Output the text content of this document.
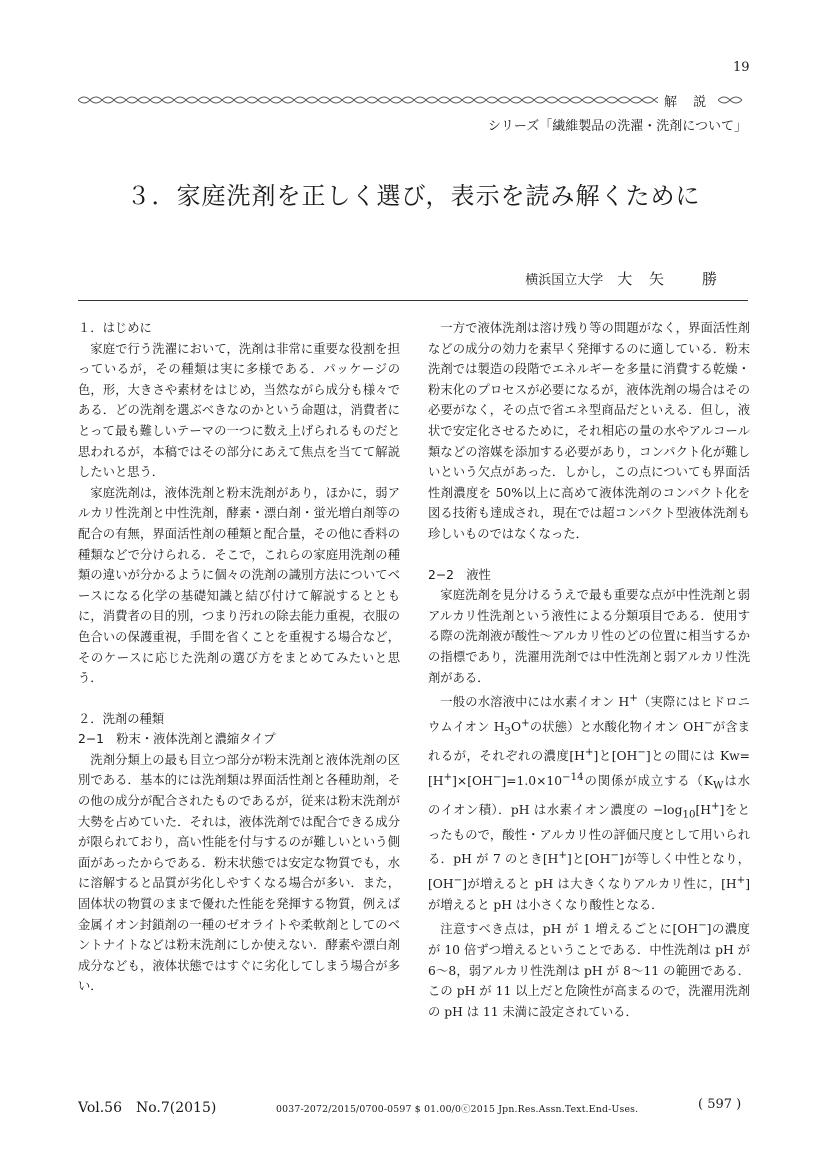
19
解 説
シリーズ「繊維製品の洗濯・洗剤について」
３．家庭洗剤を正しく選び，表示を読み解くために
横浜国立大学 大 矢 勝
１．はじめに

家庭で行う洗濯において，洗剤は非常に重要な役割を担っているが，その種類は実に多様である．パッケージの色，形，大きさや素材をはじめ，当然ながら成分も様々である．どの洗剤を選ぶべきなのかという命題は，消費者にとって最も難しいテーマの一つに数え上げられるものだと思われるが，本稿ではその部分にあえて焦点を当てて解説したいと思う．

家庭洗剤は，液体洗剤と粉末洗剤があり，ほかに，弱アルカリ性洗剤と中性洗剤，酵素・漂白剤・蛍光増白剤等の配合の有無，界面活性剤の種類と配合量，その他に香料の種類などで分けられる．そこで，これらの家庭用洗剤の種類の違いが分かるように個々の洗剤の識別方法についてベースになる化学の基礎知識と結び付けて解説するとともに，消費者の目的別，つまり汚れの除去能力重視，衣服の色合いの保護重視，手間を省くことを重視する場合など，そのケースに応じた洗剤の選び方をまとめてみたいと思う．

２．洗剤の種類
2−1　粉末・液体洗剤と濃縮タイプ

洗剤分類上の最も目立つ部分が粉末洗剤と液体洗剤の区別である．基本的には洗剤類は界面活性剤と各種助剤，その他の成分が配合されたものであるが，従来は粉末洗剤が大勢を占めていた．それは，液体洗剤では配合できる成分が限られており，高い性能を付与するのが難しいという側面があったからである．粉末状態では安定な物質でも，水に溶解すると品質が劣化しやすくなる場合が多い．また，固体状の物質のままで優れた性能を発揮する物質，例えば金属イオン封鎖剤の一種のゼオライトや柔軟剤としてのベントナイトなどは粉末洗剤にしか使えない．酵素や漂白剤成分なども，液体状態ではすぐに劣化してしまう場合が多い．

一方で液体洗剤は溶け残り等の問題がなく，界面活性剤などの成分の効力を素早く発揮するのに適している．粉末洗剤では製造の段階でエネルギーを多量に消費する乾燥・粉末化のプロセスが必要になるが，液体洗剤の場合はその必要がなく，その点で省エネ型商品だといえる．但し，液状で安定化させるために，それ相応の量の水やアルコール類などの溶媒を添加する必要があり，コンパクト化が難しいという欠点があった．しかし，この点についても界面活性剤濃度を 50%以上に高めて液体洗剤のコンパクト化を図る技術も達成され，現在では超コンパクト型液体洗剤も珍しいものではなくなった．

2−2　液性

家庭洗剤を見分けるうえで最も重要な点が中性洗剤と弱アルカリ性洗剤という液性による分類項目である．使用する際の洗剤液が酸性〜アルカリ性のどの位置に相当するかの指標であり，洗濯用洗剤では中性洗剤と弱アルカリ性洗剤がある．

一般の水溶液中には水素イオン H+（実際にはヒドロニウムイオン $H_3O^+$の状態）と水酸化物イオン OH−が含まれるが，それぞれの濃度[H+]と[OH−]との間には $Kw=[H^+]\times[OH^-]=1.0\times 10^{-14}$の関係が成立する（$K_W$は水のイオン積）．pH は水素イオン濃度の $-\log_{10}[H^+]$をとったもので，酸性・アルカリ性の評価尺度として用いられる．pH が 7 のとき[H+]と[OH−]が等しく中性となり，[OH−]が増えると pH は大きくなりアルカリ性に，[H+]が増えると pH は小さくなり酸性となる．

注意すべき点は，pH が 1 増えるごとに[OH−]の濃度が 10 倍ずつ増えるということである．中性洗剤は pH が 6〜8，弱アルカリ性洗剤は pH が 8〜11 の範囲である．この pH が 11 以上だと危険性が高まるので，洗濯用洗剤の pH は 11 未満に設定されている．

Vol.56　No.7(2015)	0037-2072/2015/0700-0597 $ 01.00/0ⓒ2015 Jpn.Res.Assn.Text.End-Uses.	( 597 )
